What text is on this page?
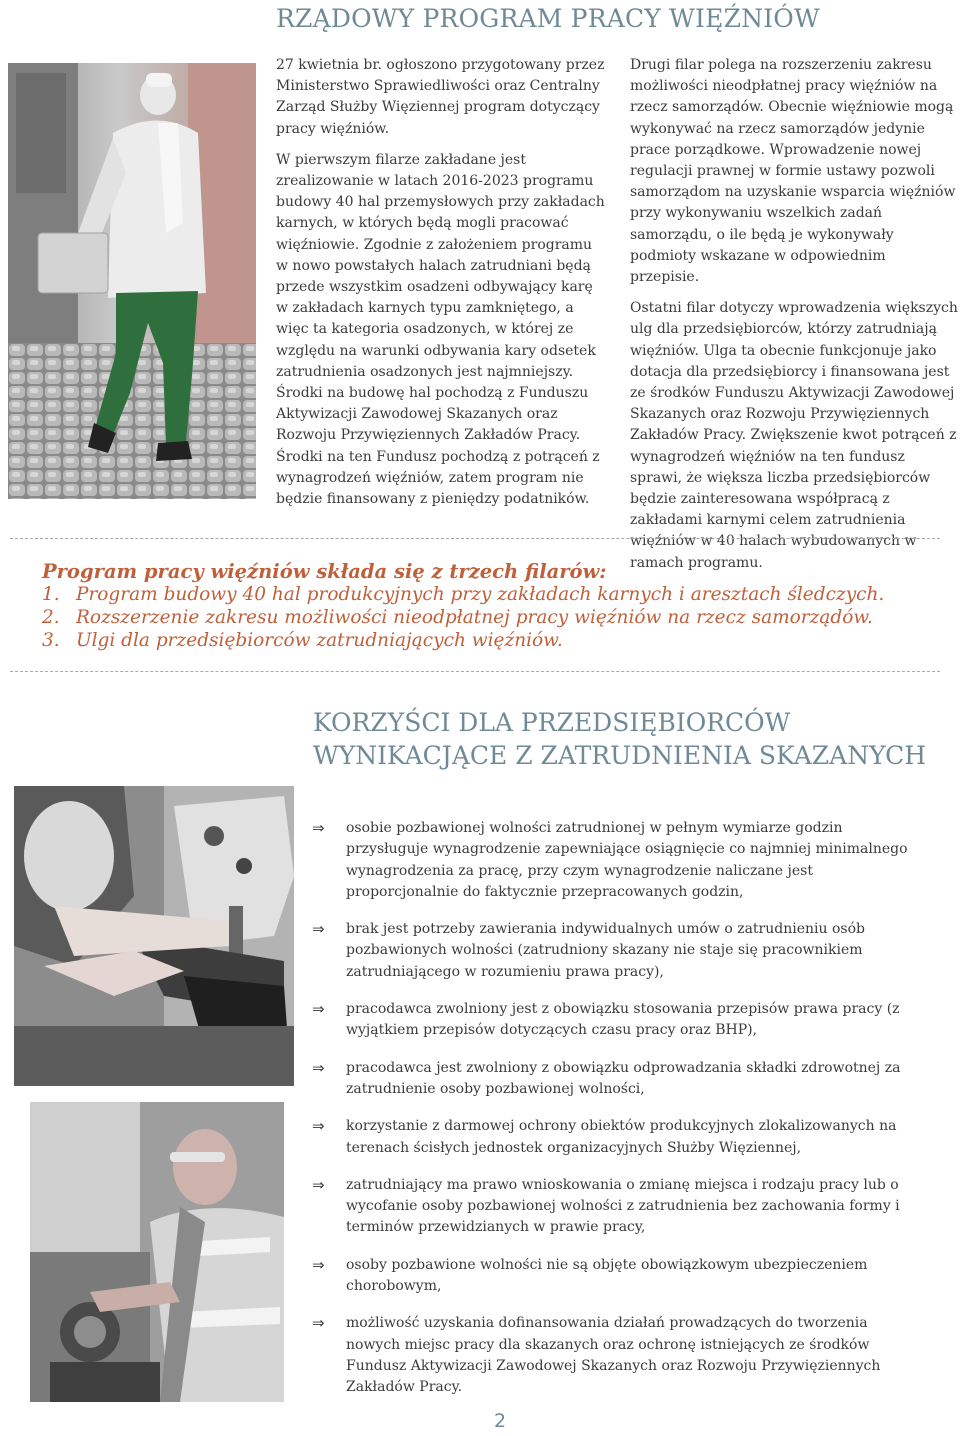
RZĄDOWY PROGRAM PRACY WIĘŹNIÓW

27 kwietnia br. ogłoszono przygotowany przez Ministerstwo Sprawiedliwości oraz Centralny Zarząd Służby Więziennej program dotyczący pracy więźniów.

W pierwszym filarze zakładane jest zrealizowanie w latach 2016-2023 programu budowy 40 hal przemysłowych przy zakładach karnych, w których będą mogli pracować więźniowie. Zgodnie z założeniem programu w nowo powstałych halach zatrudniani będą przede wszystkim osadzeni odbywający karę w zakładach karnych typu zamkniętego, a więc ta kategoria osadzonych, w której ze względu na warunki odbywania kary odsetek zatrudnienia osadzonych jest najmniejszy. Środki na budowę hal pochodzą z Funduszu Aktywizacji Zawodowej Skazanych oraz Rozwoju Przywięziennych Zakładów Pracy. Środki na ten Fundusz pochodzą z potrąceń z wynagrodzeń więźniów, zatem program nie będzie finansowany z pieniędzy podatników.

Drugi filar polega na rozszerzeniu zakresu możliwości nieodpłatnej pracy więźniów na rzecz samorządów. Obecnie więźniowie mogą wykonywać na rzecz samorządów jedynie prace porządkowe. Wprowadzenie nowej regulacji prawnej w formie ustawy pozwoli samorządom na uzyskanie wsparcia więźniów przy wykonywaniu wszelkich zadań samorządu, o ile będą je wykonywały podmioty wskazane w odpowiednim przepisie.

Ostatni filar dotyczy wprowadzenia większych ulg dla przedsiębiorców, którzy zatrudniają więźniów. Ulga ta obecnie funkcjonuje jako dotacja dla przedsiębiorcy i finansowana jest ze środków Funduszu Aktywizacji Zawodowej Skazanych oraz Rozwoju Przywięziennych Zakładów Pracy. Zwiększenie kwot potrąceń z wynagrodzeń więźniów na ten fundusz sprawi, że większa liczba przedsiębiorców będzie zainteresowana współpracą z zakładami karnymi celem zatrudnienia więźniów w 40 halach wybudowanych w ramach programu.

Program pracy więźniów składa się z trzech filarów:
1. Program budowy 40 hal produkcyjnych przy zakładach karnych i aresztach śledczych.
2. Rozszerzenie zakresu możliwości nieodpłatnej pracy więźniów na rzecz samorządów.
3. Ulgi dla przedsiębiorców zatrudniających więźniów.
KORZYŚCI DLA PRZEDSIĘBIORCÓW
WYNIKACJĄCE Z ZATRUDNIENIA SKAZANYCH
⇒ osobie pozbawionej wolności zatrudnionej w pełnym wymiarze godzin przysługuje wynagrodzenie zapewniające osiągnięcie co najmniej minimalnego wynagrodzenia za pracę, przy czym wynagrodzenie naliczane jest proporcjonalnie do faktycznie przepracowanych godzin,
⇒ brak jest potrzeby zawierania indywidualnych umów o zatrudnieniu osób pozbawionych wolności (zatrudniony skazany nie staje się pracownikiem zatrudniającego w rozumieniu prawa pracy),
⇒ pracodawca zwolniony jest z obowiązku stosowania przepisów prawa pracy (z wyjątkiem przepisów dotyczących czasu pracy oraz BHP),
⇒ pracodawca jest zwolniony z obowiązku odprowadzania składki zdrowotnej za zatrudnienie osoby pozbawionej wolności,
⇒ korzystanie z darmowej ochrony obiektów produkcyjnych zlokalizowanych na terenach ścisłych jednostek organizacyjnych Służby Więziennej,
⇒ zatrudniający ma prawo wnioskowania o zmianę miejsca i rodzaju pracy lub o wycofanie osoby pozbawionej wolności z zatrudnienia bez zachowania formy i terminów przewidzianych w prawie pracy,
⇒ osoby pozbawione wolności nie są objęte obowiązkowym ubezpieczeniem chorobowym,
⇒ możliwość uzyskania dofinansowania działań prowadzących do tworzenia nowych miejsc pracy dla skazanych oraz ochronę istniejących ze środków Fundusz Aktywizacji Zawodowej Skazanych oraz Rozwoju Przywięziennych Zakładów Pracy.
2
